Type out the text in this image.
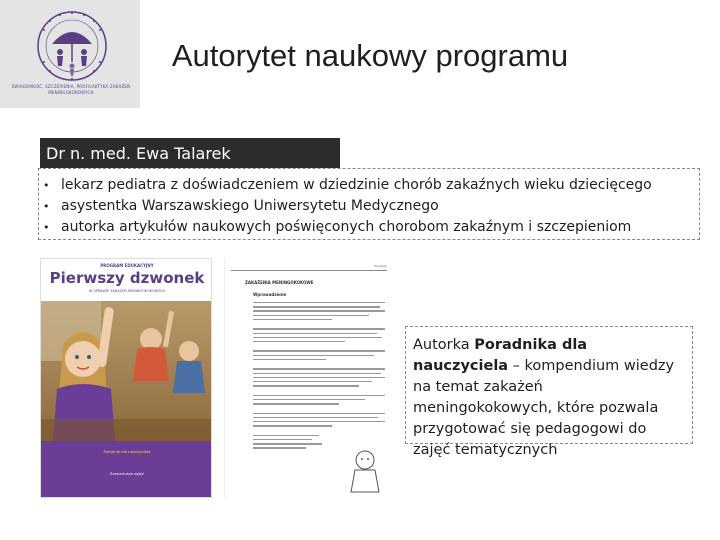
ŚWIADOMOŚĆ, SZCZEPIENIA, PROFILAKTYKA ZAKAŻEŃ MENINGOKOKOWYCH
Autorytet naukowy programu
Dr n. med. Ewa Talarek
• lekarz pediatra z doświadczeniem w dziedzinie chorób zakaźnych wieku dziecięcego
• asystentka Warszawskiego Uniwersytetu Medycznego
• autorka artykułów naukowych poświęconych chorobom zakaźnym i szczepieniom
PROGRAM EDUKACYJNY
Pierwszy dzwonek
W SPRAWIE ZAKAŻEŃ MENINGOKOKOWYCH
Poradnik dla nauczyciela
Scenariusze zajęć
Poradnik
ZAKAŻENIA MENINGOKOKOWE
Wprowadzenie
Autorka Poradnika dla nauczyciela – kompendium wiedzy na temat zakażeń meningokokowych, które pozwala przygotować się pedagogowi do zajęć tematycznych
